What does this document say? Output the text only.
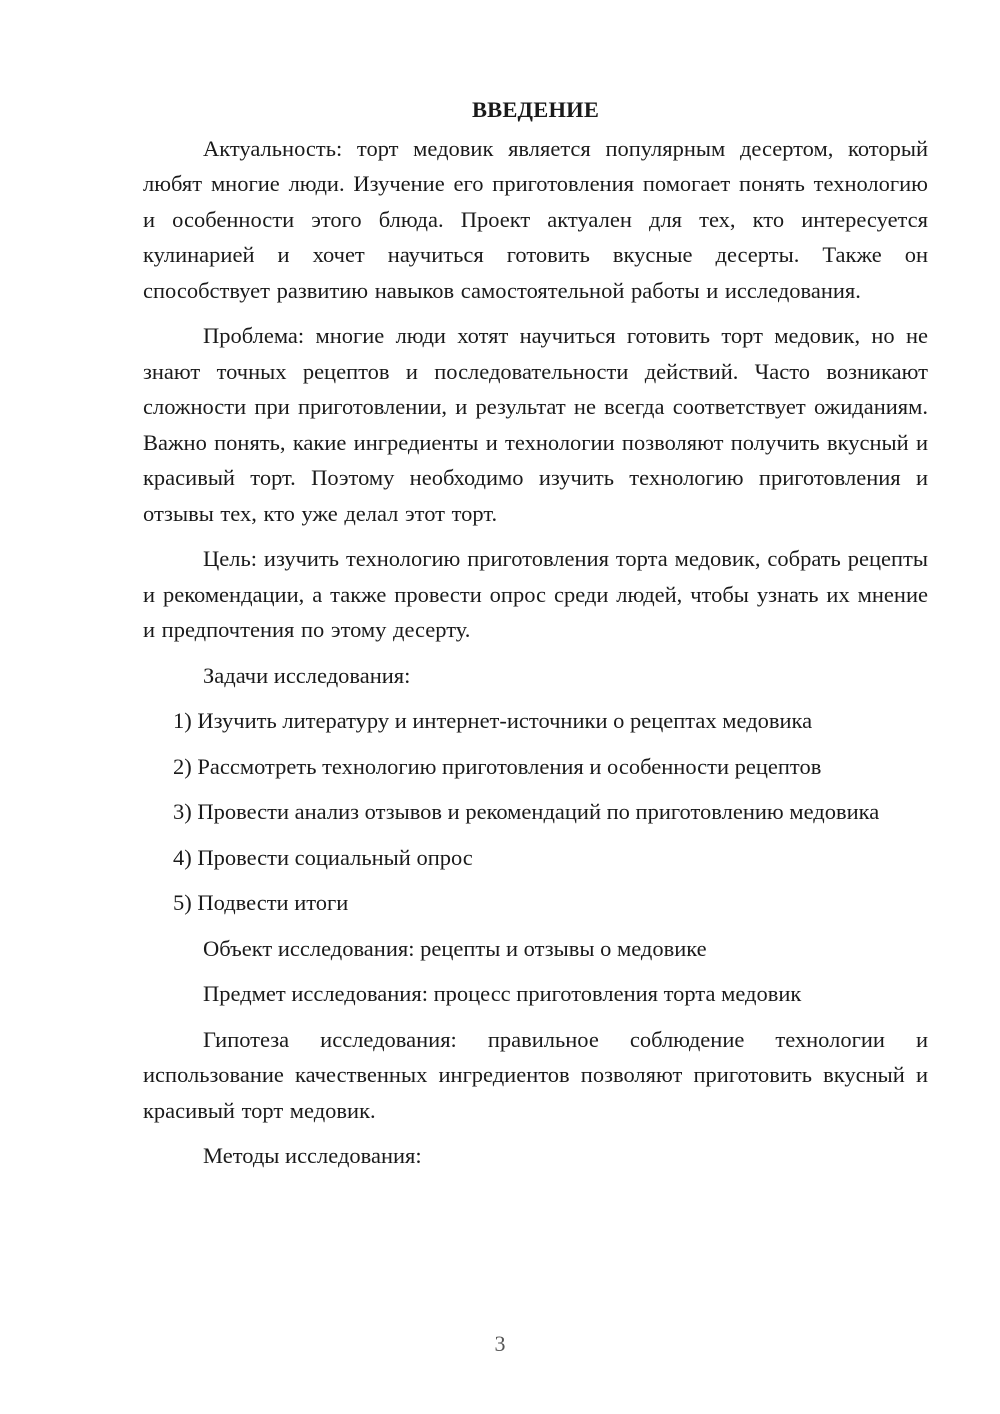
ВВЕДЕНИЕ

Актуальность: торт медовик является популярным десертом, который любят многие люди. Изучение его приготовления помогает понять технологию и особенности этого блюда. Проект актуален для тех, кто интересуется кулинарией и хочет научиться готовить вкусные десерты. Также он способствует развитию навыков самостоятельной работы и исследования.

Проблема: многие люди хотят научиться готовить торт медовик, но не знают точных рецептов и последовательности действий. Часто возникают сложности при приготовлении, и результат не всегда соответствует ожиданиям. Важно понять, какие ингредиенты и технологии позволяют получить вкусный и красивый торт. Поэтому необходимо изучить технологию приготовления и отзывы тех, кто уже делал этот торт.

Цель: изучить технологию приготовления торта медовик, собрать рецепты и рекомендации, а также провести опрос среди людей, чтобы узнать их мнение и предпочтения по этому десерту.

Задачи исследования:

1) Изучить литературу и интернет-источники о рецептах медовика

2) Рассмотреть технологию приготовления и особенности рецептов

3) Провести анализ отзывов и рекомендаций по приготовлению медовика

4) Провести социальный опрос

5) Подвести итоги

Объект исследования: рецепты и отзывы о медовике

Предмет исследования: процесс приготовления торта медовик

Гипотеза исследования: правильное соблюдение технологии и использование качественных ингредиентов позволяют приготовить вкусный и красивый торт медовик.

Методы исследования:

3
